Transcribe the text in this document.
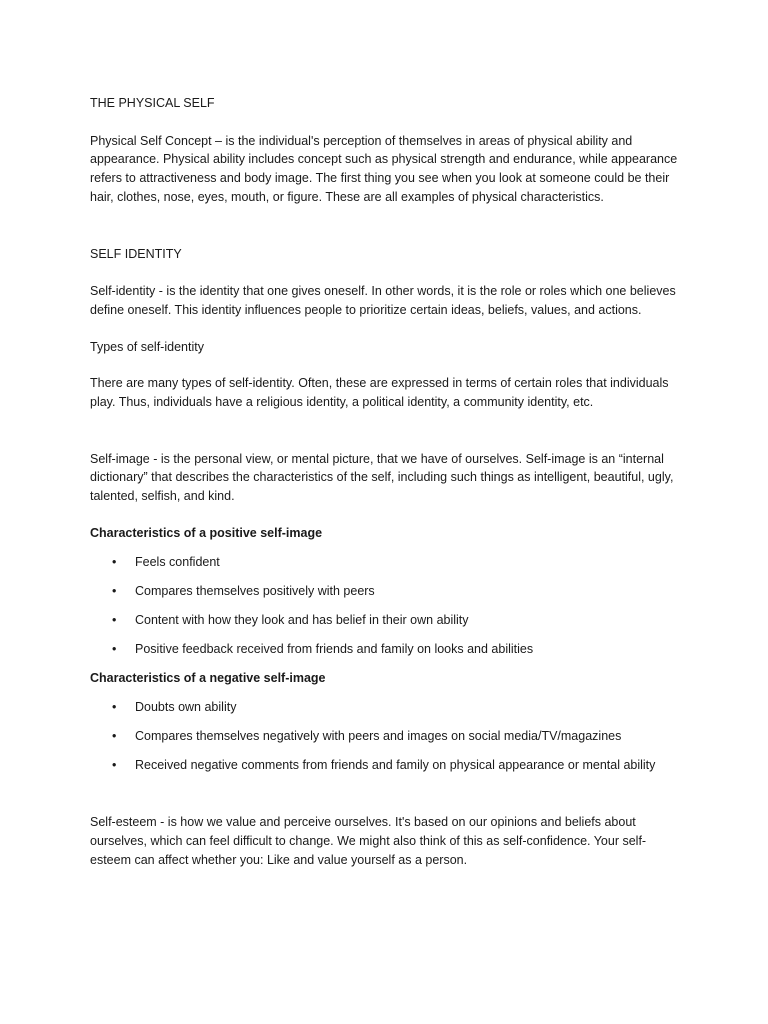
THE PHYSICAL SELF

Physical Self Concept – is the individual's perception of themselves in areas of physical ability and appearance. Physical ability includes concept such as physical strength and endurance, while appearance refers to attractiveness and body image. The first thing you see when you look at someone could be their hair, clothes, nose, eyes, mouth, or figure. These are all examples of physical characteristics.

SELF IDENTITY

Self-identity - is the identity that one gives oneself. In other words, it is the role or roles which one believes define oneself. This identity influences people to prioritize certain ideas, beliefs, values, and actions.

Types of self-identity

There are many types of self-identity. Often, these are expressed in terms of certain roles that individuals play. Thus, individuals have a religious identity, a political identity, a community identity, etc.

Self-image - is the personal view, or mental picture, that we have of ourselves. Self-image is an “internal dictionary” that describes the characteristics of the self, including such things as intelligent, beautiful, ugly, talented, selfish, and kind.

Characteristics of a positive self-image

• Feels confident
• Compares themselves positively with peers
• Content with how they look and has belief in their own ability
• Positive feedback received from friends and family on looks and abilities

Characteristics of a negative self-image

• Doubts own ability
• Compares themselves negatively with peers and images on social media/TV/magazines
• Received negative comments from friends and family on physical appearance or mental ability

Self-esteem - is how we value and perceive ourselves. It's based on our opinions and beliefs about ourselves, which can feel difficult to change. We might also think of this as self-confidence. Your self-esteem can affect whether you: Like and value yourself as a person.
